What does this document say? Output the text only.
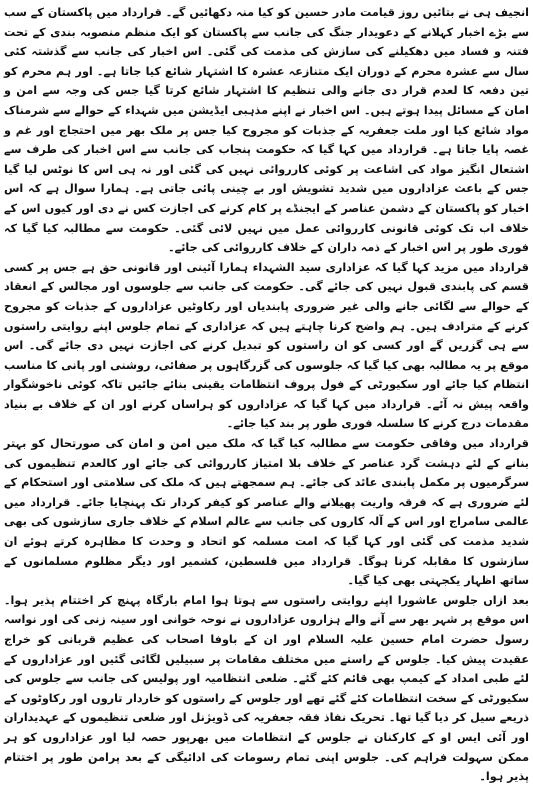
انجیف ہی نے بتائیں روز قیامت مادر حسین کو کیا منہ دکھائیں گے۔ قرارداد میں پاکستان کے سب سے بڑے اخبار کہلانے کے دعویدار جنگ کی جانب سے پاکستان کو ایک منظم منصوبہ بندی کے تحت فتنہ و فساد میں دھکیلنے کی سازش کی مذمت کی گئی۔ اس اخبار کی جانب سے گذشتہ کئی سال سے عشرہ محرم کے دوران ایک متنازعہ عشرہ کا اشتہار شائع کیا جاتا ہے۔ اور ہم محرم کو تین دفعہ کا لعدم قرار دی جانے والی تنظیم کا اشتہار شائع کرتا گیا جس کی وجہ سے امن و امان کے مسائل پیدا ہوتے ہیں۔ اس اخبار نے اپنے مذہبی ایڈیشن میں شہداء کے حوالے سے شرمناک مواد شائع کیا اور ملت جعفریہ کے جذبات کو مجروح کیا جس پر ملک بھر میں احتجاج اور غم و غصہ پایا جاتا ہے۔ قرارداد میں کہا گیا کہ حکومت پنجاب کی جانب سے اس اخبار کی طرف سے اشتعال انگیز مواد کی اشاعت پر کوئی کارروائی نہیں کی گئی اور نہ ہی اس کا نوٹس لیا گیا جس کے باعث عزاداروں میں شدید تشویش اور بے چینی پائی جاتی ہے۔ ہمارا سوال ہے کہ اس اخبار کو پاکستان کے دشمن عناصر کے ایجنڈے پر کام کرنے کی اجازت کس نے دی اور کیوں اس کے خلاف اب تک کوئی قانونی کارروائی عمل میں نہیں لائی گئی۔ حکومت سے مطالبہ کیا گیا کہ فوری طور پر اس اخبار کے ذمہ داران کے خلاف کارروائی کی جائے۔

قرارداد میں مزید کہا گیا کہ عزاداری سید الشہداء ہمارا آئینی اور قانونی حق ہے جس پر کسی قسم کی پابندی قبول نہیں کی جائے گی۔ حکومت کی جانب سے جلوسوں اور مجالس کے انعقاد کے حوالے سے لگائی جانے والی غیر ضروری پابندیاں اور رکاوٹیں عزاداروں کے جذبات کو مجروح کرنے کے مترادف ہیں۔ ہم واضح کرنا چاہتے ہیں کہ عزاداری کے تمام جلوس اپنے روایتی راستوں سے ہی گزریں گے اور کسی کو ان راستوں کو تبدیل کرنے کی اجازت نہیں دی جائے گی۔ اس موقع پر یہ مطالبہ بھی کیا گیا کہ جلوسوں کی گزرگاہوں پر صفائی، روشنی اور پانی کا مناسب انتظام کیا جائے اور سکیورٹی کے فول پروف انتظامات یقینی بنائے جائیں تاکہ کوئی ناخوشگوار واقعہ پیش نہ آئے۔ قرارداد میں کہا گیا کہ عزاداروں کو ہراساں کرنے اور ان کے خلاف بے بنیاد مقدمات درج کرنے کا سلسلہ فوری طور پر بند کیا جائے۔

قرارداد میں وفاقی حکومت سے مطالبہ کیا گیا کہ ملک میں امن و امان کی صورتحال کو بہتر بنانے کے لئے دہشت گرد عناصر کے خلاف بلا امتیاز کارروائی کی جائے اور کالعدم تنظیموں کی سرگرمیوں پر مکمل پابندی عائد کی جائے۔ ہم سمجھتے ہیں کہ ملک کی سلامتی اور استحکام کے لئے ضروری ہے کہ فرقہ واریت پھیلانے والے عناصر کو کیفر کردار تک پہنچایا جائے۔ قرارداد میں عالمی سامراج اور اس کے آلہ کاروں کی جانب سے عالم اسلام کے خلاف جاری سازشوں کی بھی شدید مذمت کی گئی اور کہا گیا کہ امت مسلمہ کو اتحاد و وحدت کا مظاہرہ کرتے ہوئے ان سازشوں کا مقابلہ کرنا ہوگا۔ قرارداد میں فلسطین، کشمیر اور دیگر مظلوم مسلمانوں کے ساتھ اظہار یکجہتی بھی کیا گیا۔

بعد ازاں جلوس عاشورا اپنے روایتی راستوں سے ہوتا ہوا امام بارگاہ پہنچ کر اختتام پذیر ہوا۔ اس موقع پر شہر بھر سے آنے والے ہزاروں عزاداروں نے نوحہ خوانی اور سینہ زنی کی اور نواسہ رسول حضرت امام حسین علیہ السلام اور ان کے باوفا اصحاب کی عظیم قربانی کو خراج عقیدت پیش کیا۔ جلوس کے راستے میں مختلف مقامات پر سبیلیں لگائی گئیں اور عزاداروں کے لئے طبی امداد کے کیمپ بھی قائم کئے گئے۔ ضلعی انتظامیہ اور پولیس کی جانب سے جلوس کی سکیورٹی کے سخت انتظامات کئے گئے تھے اور جلوس کے راستوں کو خاردار تاروں اور رکاوٹوں کے ذریعے سیل کر دیا گیا تھا۔ تحریک نفاذ فقہ جعفریہ کی ڈویژنل اور ضلعی تنظیموں کے عہدیداران اور آئی ایس او کے کارکنان نے جلوس کے انتظامات میں بھرپور حصہ لیا اور عزاداروں کو ہر ممکن سہولت فراہم کی۔ جلوس اپنی تمام رسومات کی ادائیگی کے بعد پرامن طور پر اختتام پذیر ہوا۔
